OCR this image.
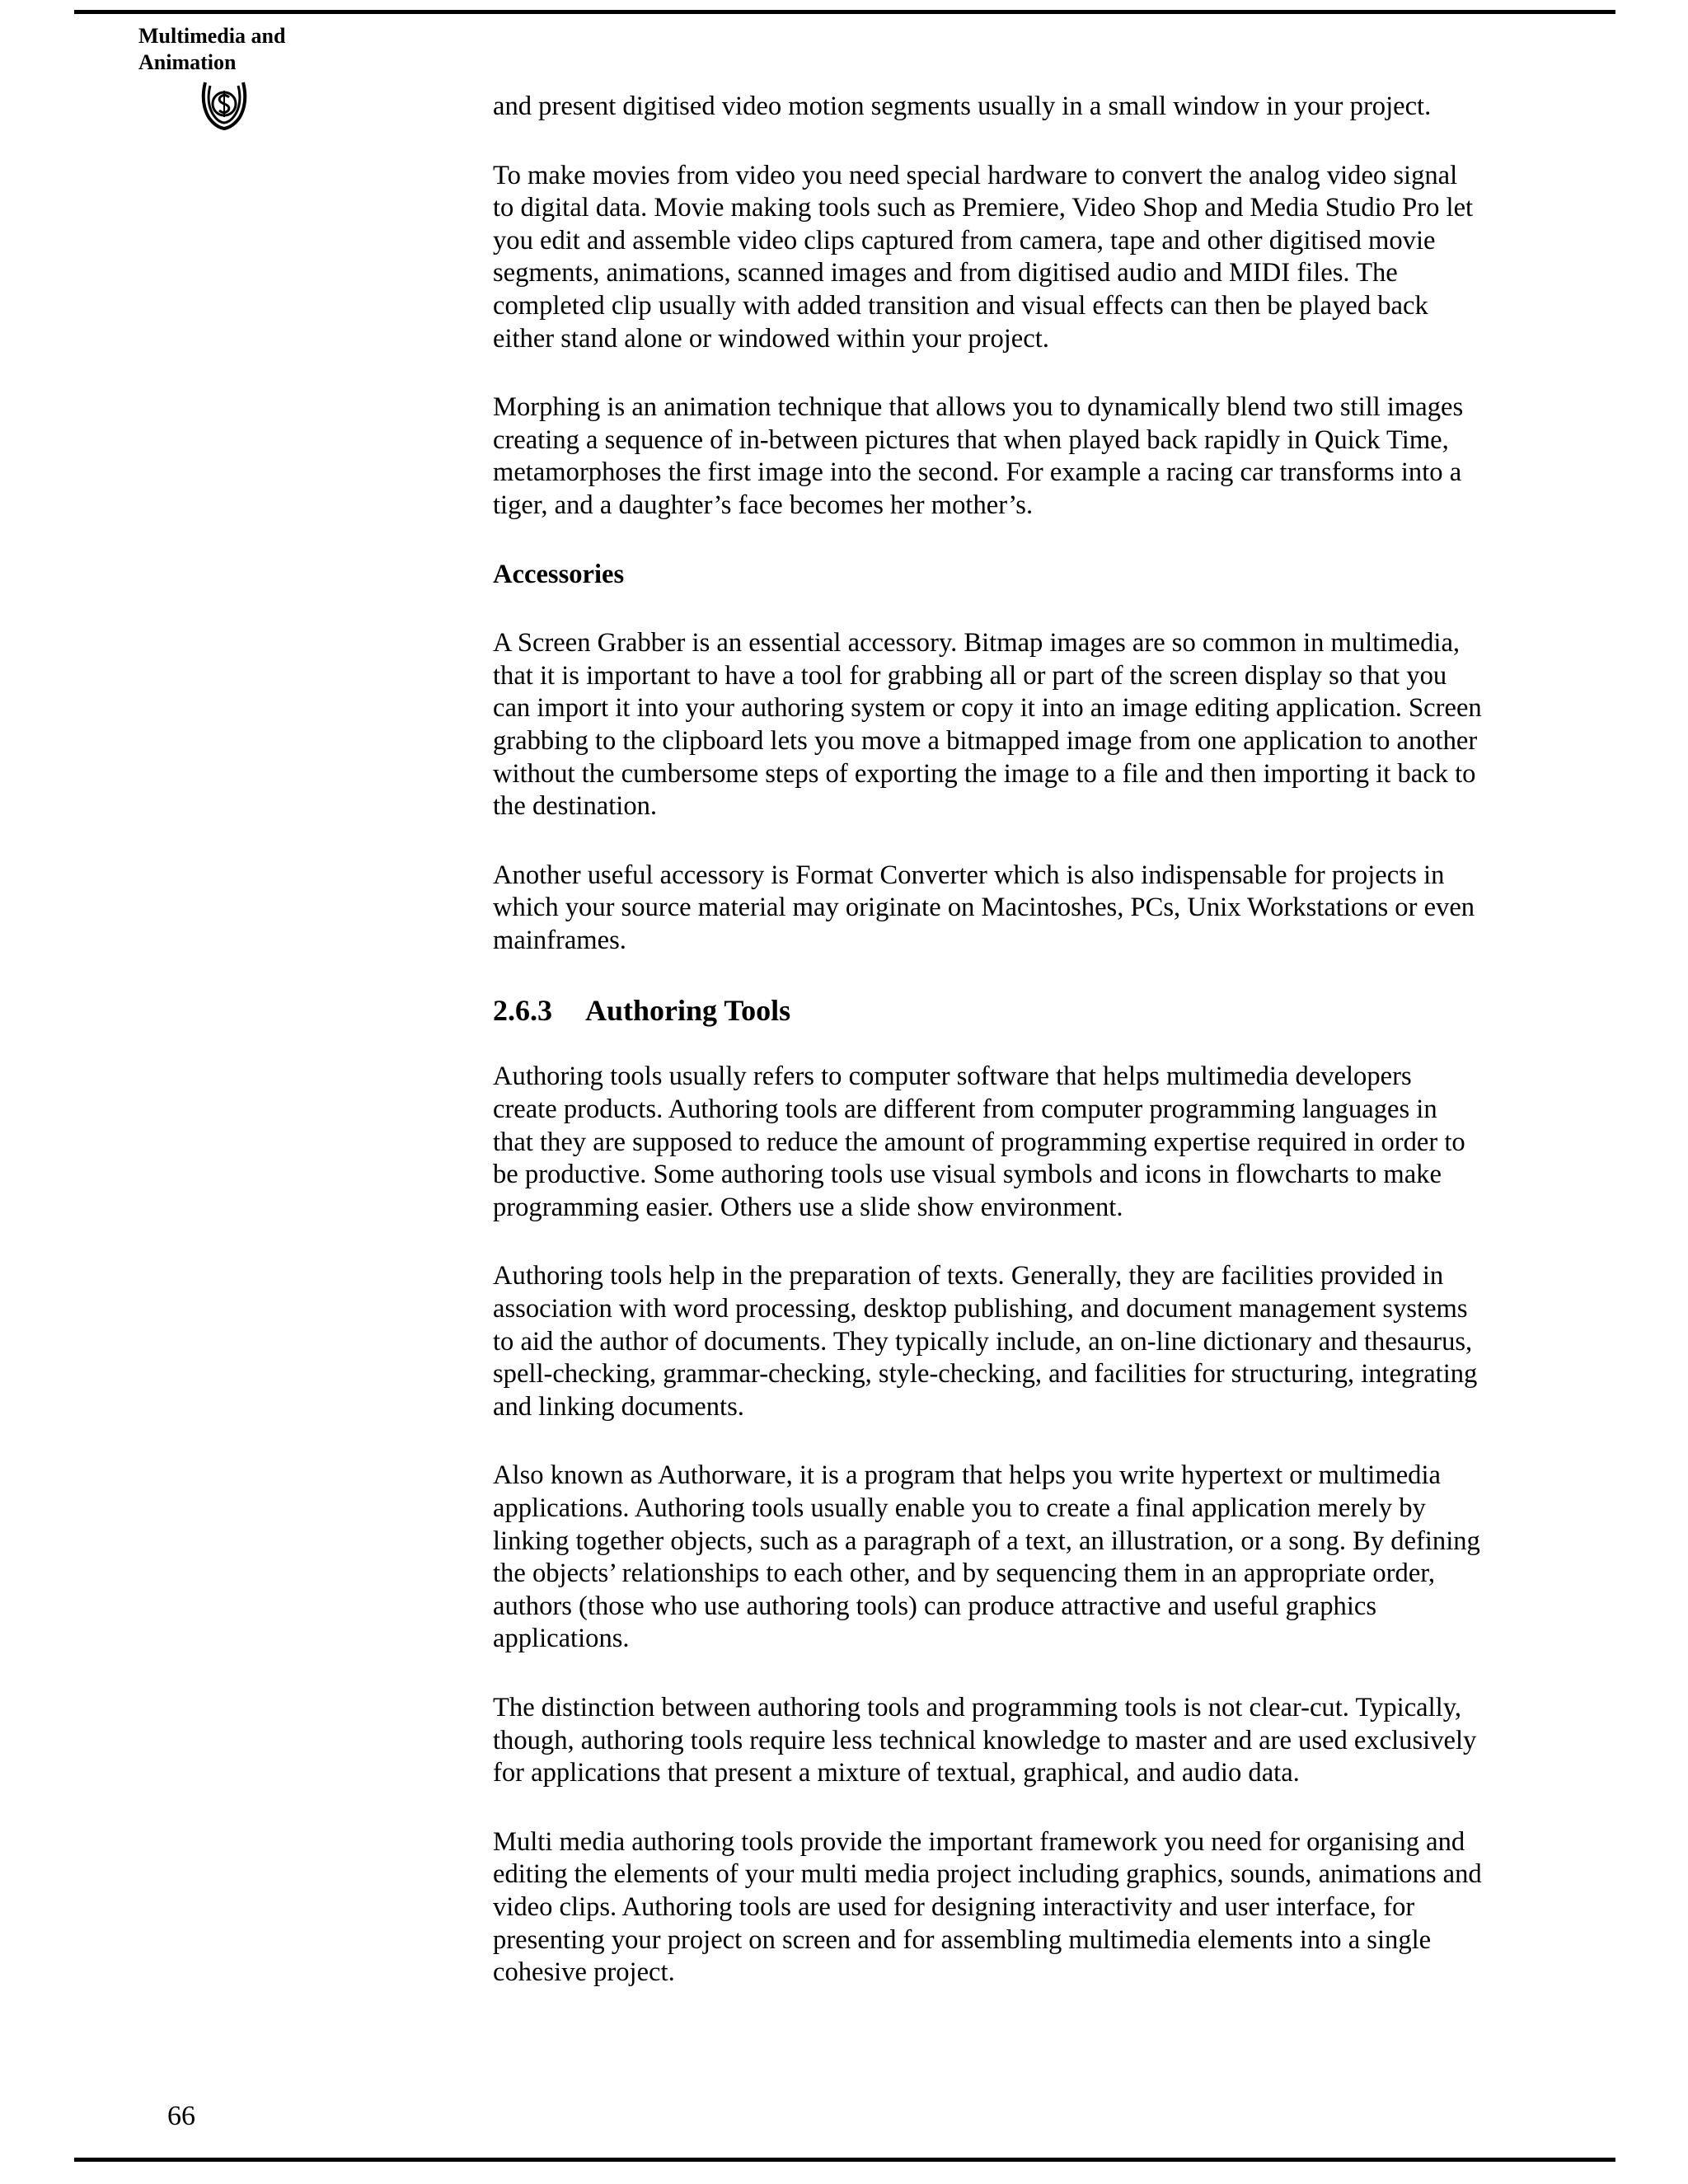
Multimedia and
Animation

and present digitised video motion segments usually in a small window in your project.

To make movies from video you need special hardware to convert the analog video signal to digital data. Movie making tools such as Premiere, Video Shop and Media Studio Pro let you edit and assemble video clips captured from camera, tape and other digitised movie segments, animations, scanned images and from digitised audio and MIDI files. The completed clip usually with added transition and visual effects can then be played back either stand alone or windowed within your project.

Morphing is an animation technique that allows you to dynamically blend two still images creating a sequence of in-between pictures that when played back rapidly in Quick Time, metamorphoses the first image into the second. For example a racing car transforms into a tiger, and a daughter’s face becomes her mother’s.

Accessories

A Screen Grabber is an essential accessory. Bitmap images are so common in multimedia, that it is important to have a tool for grabbing all or part of the screen display so that you can import it into your authoring system or copy it into an image editing application. Screen grabbing to the clipboard lets you move a bitmapped image from one application to another without the cumbersome steps of exporting the image to a file and then importing it back to the destination.

Another useful accessory is Format Converter which is also indispensable for projects in which your source material may originate on Macintoshes, PCs, Unix Workstations or even mainframes.

2.6.3 Authoring Tools

Authoring tools usually refers to computer software that helps multimedia developers create products. Authoring tools are different from computer programming languages in that they are supposed to reduce the amount of programming expertise required in order to be productive. Some authoring tools use visual symbols and icons in flowcharts to make programming easier. Others use a slide show environment.

Authoring tools help in the preparation of texts. Generally, they are facilities provided in association with word processing, desktop publishing, and document management systems to aid the author of documents. They typically include, an on-line dictionary and thesaurus, spell-checking, grammar-checking, style-checking, and facilities for structuring, integrating and linking documents.

Also known as Authorware, it is a program that helps you write hypertext or multimedia applications. Authoring tools usually enable you to create a final application merely by linking together objects, such as a paragraph of a text, an illustration, or a song. By defining the objects’ relationships to each other, and by sequencing them in an appropriate order, authors (those who use authoring tools) can produce attractive and useful graphics applications.

The distinction between authoring tools and programming tools is not clear-cut. Typically, though, authoring tools require less technical knowledge to master and are used exclusively for applications that present a mixture of textual, graphical, and audio data.

Multi media authoring tools provide the important framework you need for organising and editing the elements of your multi media project including graphics, sounds, animations and video clips. Authoring tools are used for designing interactivity and user interface, for presenting your project on screen and for assembling multimedia elements into a single cohesive project.

66
